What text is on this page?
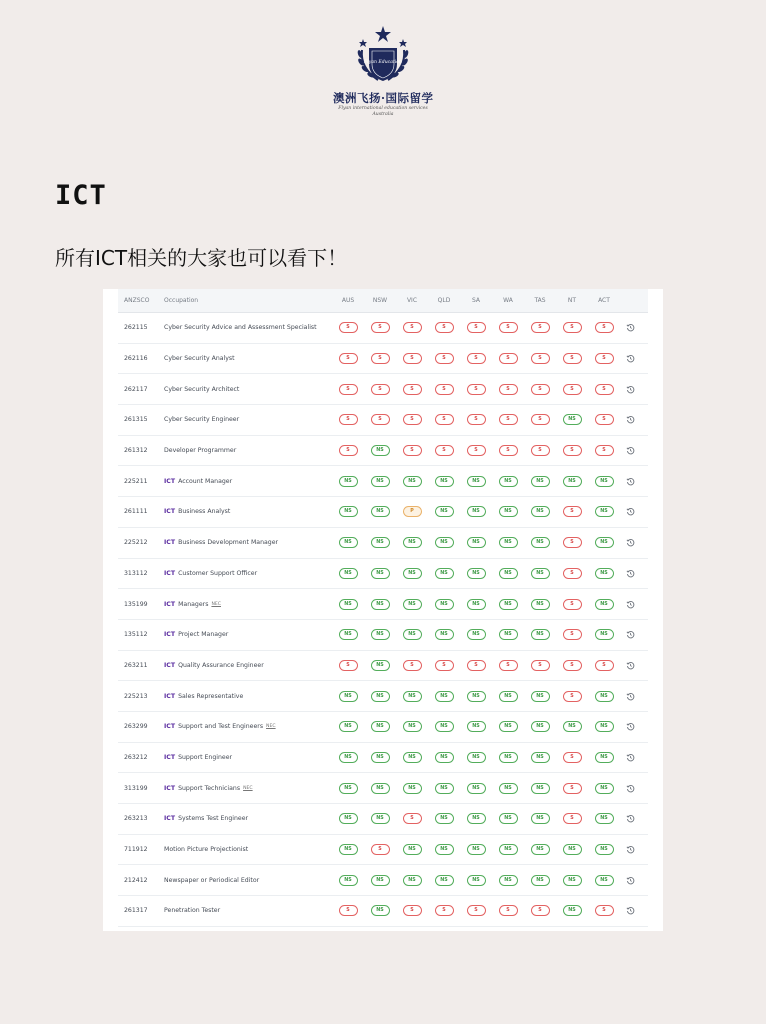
Flyan Education
澳洲飞扬·国际留学
Flyan international education services
Australia
ICT
所有ICT相关的大家也可以看下！
ANZSCO	Occupation	AUS	NSW	VIC	QLD	SA	WA	TAS	NT	ACT
262115	Cyber Security Advice and Assessment Specialist	S	S	S	S	S	S	S	S	S
262116	Cyber Security Analyst	S	S	S	S	S	S	S	S	S
262117	Cyber Security Architect	S	S	S	S	S	S	S	S	S
261315	Cyber Security Engineer	S	S	S	S	S	S	S	NS	S
261312	Developer Programmer	S	NS	S	S	S	S	S	S	S
225211	ICT Account Manager	NS	NS	NS	NS	NS	NS	NS	NS	NS
261111	ICT Business Analyst	NS	NS	P	NS	NS	NS	NS	S	NS
225212	ICT Business Development Manager	NS	NS	NS	NS	NS	NS	NS	S	NS
313112	ICT Customer Support Officer	NS	NS	NS	NS	NS	NS	NS	S	NS
135199	ICT Managers NEC	NS	NS	NS	NS	NS	NS	NS	S	NS
135112	ICT Project Manager	NS	NS	NS	NS	NS	NS	NS	S	NS
263211	ICT Quality Assurance Engineer	S	NS	S	S	S	S	S	S	S
225213	ICT Sales Representative	NS	NS	NS	NS	NS	NS	NS	S	NS
263299	ICT Support and Test Engineers NEC	NS	NS	NS	NS	NS	NS	NS	NS	NS
263212	ICT Support Engineer	NS	NS	NS	NS	NS	NS	NS	S	NS
313199	ICT Support Technicians NEC	NS	NS	NS	NS	NS	NS	NS	S	NS
263213	ICT Systems Test Engineer	NS	NS	S	NS	NS	NS	NS	S	NS
711912	Motion Picture Projectionist	NS	S	NS	NS	NS	NS	NS	NS	NS
212412	Newspaper or Periodical Editor	NS	NS	NS	NS	NS	NS	NS	NS	NS
261317	Penetration Tester	S	NS	S	S	S	S	S	NS	S
